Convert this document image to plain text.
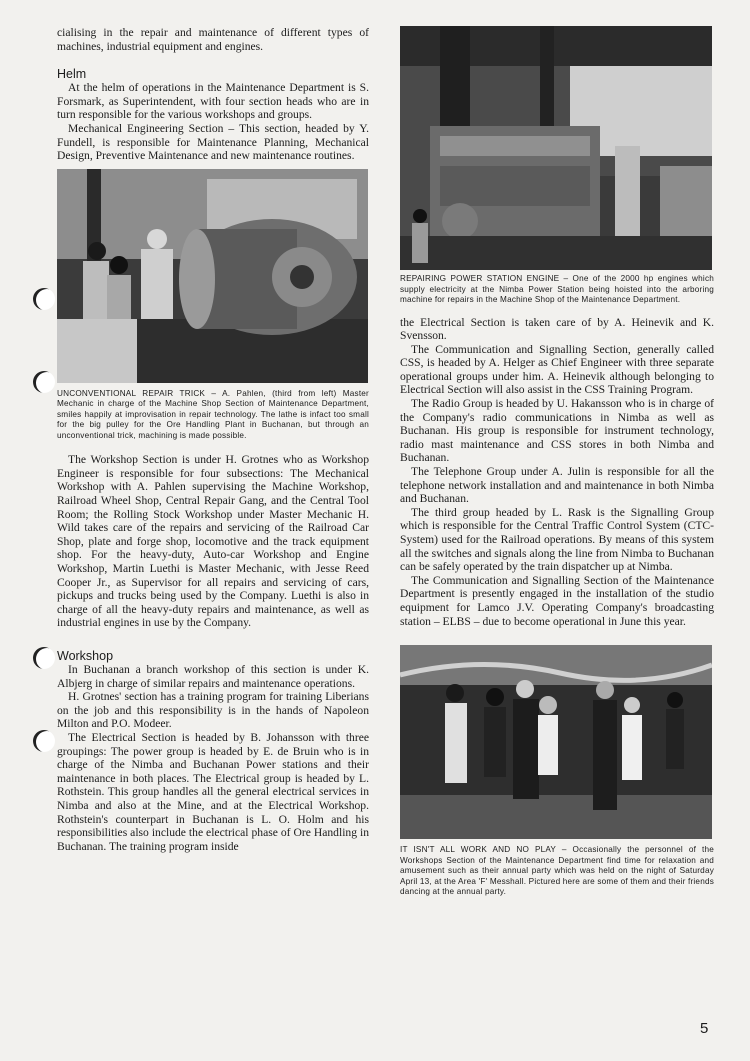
cialising in the repair and maintenance of different types of machines, industrial equipment and engines.

Helm

At the helm of operations in the Maintenance Department is S. Forsmark, as Superintendent, with four section heads who are in turn responsible for the various workshops and groups.

Mechanical Engineering Section – This section, headed by Y. Fundell, is responsible for Maintenance Planning, Mechanical Design, Preventive Maintenance and new maintenance routines.

UNCONVENTIONAL REPAIR TRICK – A. Pahlen, (third from left) Master Mechanic in charge of the Machine Shop Section of Maintenance Department, smiles happily at improvisation in repair technology. The lathe is infact too small for the big pulley for the Ore Handling Plant in Buchanan, but through an unconventional trick, machining is made possible.

The Workshop Section is under H. Grotnes who as Workshop Engineer is responsible for four subsections: The Mechanical Workshop with A. Pahlen supervising the Machine Workshop, Railroad Wheel Shop, Central Repair Gang, and the Central Tool Room; the Rolling Stock Workshop under Master Mechanic H. Wild takes care of the repairs and servicing of the Railroad Car Shop, plate and forge shop, locomotive and the track equipment shop. For the heavy-duty, Auto-car Workshop and Engine Workshop, Martin Luethi is Master Mechanic, with Jesse Reed Cooper Jr., as Supervisor for all repairs and servicing of cars, pickups and trucks being used by the Company. Luethi is also in charge of all the heavy-duty repairs and maintenance, as well as industrial engines in use by the Company.

Workshop

In Buchanan a branch workshop of this section is under K. Albjerg in charge of similar repairs and maintenance operations.

H. Grotnes' section has a training program for training Liberians on the job and this responsibility is in the hands of Napoleon Milton and P.O. Modeer.

The Electrical Section is headed by B. Johansson with three groupings: The power group is headed by E. de Bruin who is in charge of the Nimba and Buchanan Power stations and their maintenance in both places. The Electrical group is headed by L. Rothstein. This group handles all the general electrical services in Nimba and also at the Mine, and at the Electrical Workshop. Rothstein's counterpart in Buchanan is L. O. Holm and his responsibilities also include the electrical phase of Ore Handling in Buchanan. The training program inside

REPAIRING POWER STATION ENGINE – One of the 2000 hp engines which supply electricity at the Nimba Power Station being hoisted into the arboring machine for repairs in the Machine Shop of the Maintenance Department.

the Electrical Section is taken care of by A. Heinevik and K. Svensson.

The Communication and Signalling Section, generally called CSS, is headed by A. Helger as Chief Engineer with three separate operational groups under him. A. Heinevik although belonging to Electrical Section will also assist in the CSS Training Program.

The Radio Group is headed by U. Hakansson who is in charge of the Company's radio communications in Nimba as well as Buchanan. His group is responsible for instrument technology, radio mast maintenance and CSS stores in both Nimba and Buchanan.

The Telephone Group under A. Julin is responsible for all the telephone network installation and and maintenance in both Nimba and Buchanan.

The third group headed by L. Rask is the Signalling Group which is responsible for the Central Traffic Control System (CTC-System) used for the Railroad operations. By means of this system all the switches and signals along the line from Nimba to Buchanan can be safely operated by the train dispatcher up at Nimba.

The Communication and Signalling Section of the Maintenance Department is presently engaged in the installation of the studio equipment for Lamco J.V. Operating Company's broadcasting station – ELBS – due to become operational in June this year.

IT ISN'T ALL WORK AND NO PLAY – Occasionally the personnel of the Workshops Section of the Maintenance Department find time for relaxation and amusement such as their annual party which was held on the night of Saturday April 13, at the Area 'F' Messhall. Pictured here are some of them and their friends dancing at the annual party.

5
